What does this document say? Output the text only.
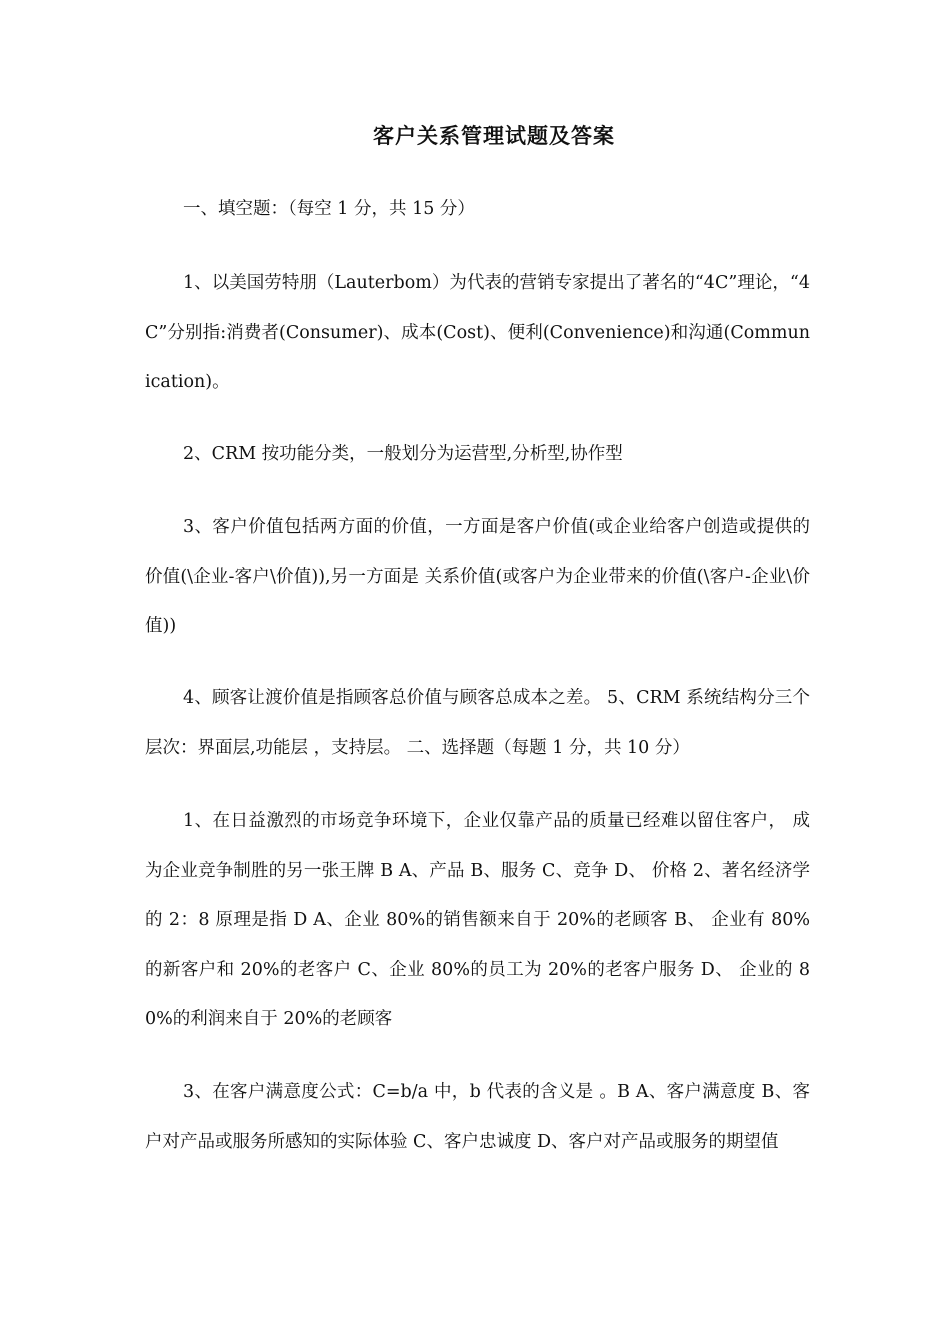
客户关系管理试题及答案
一、填空题：（每空 1 分，共 15 分）
1、以美国劳特朋（Lauterbom）为代表的营销专家提出了著名的“4C”理论，“4C”分别指:消费者(Consumer)、成本(Cost)、便利(Convenience)和沟通(Communication)。
2、CRM 按功能分类，一般划分为运营型,分析型,协作型
3、客户价值包括两方面的价值，一方面是客户价值(或企业给客户创造或提供的价值(\企业-客户\价值)),另一方面是 关系价值(或客户为企业带来的价值(\客户-企业\价值))
4、顾客让渡价值是指顾客总价值与顾客总成本之差。 5、CRM 系统结构分三个层次：界面层,功能层 ，支持层。 二、选择题（每题 1 分，共 10 分）
1、在日益激烈的市场竞争环境下，企业仅靠产品的质量已经难以留住客户， 成为企业竞争制胜的另一张王牌 B A、产品 B、服务 C、竞争 D、 价格 2、著名经济学的 2：8 原理是指 D A、企业 80%的销售额来自于 20%的老顾客 B、 企业有 80%的新客户和 20%的老客户 C、企业 80%的员工为 20%的老客户服务 D、 企业的 80%的利润来自于 20%的老顾客
3、在客户满意度公式：C=b/a 中，b 代表的含义是 。B A、客户满意度 B、客户对产品或服务所感知的实际体验 C、客户忠诚度 D、客户对产品或服务的期望值
